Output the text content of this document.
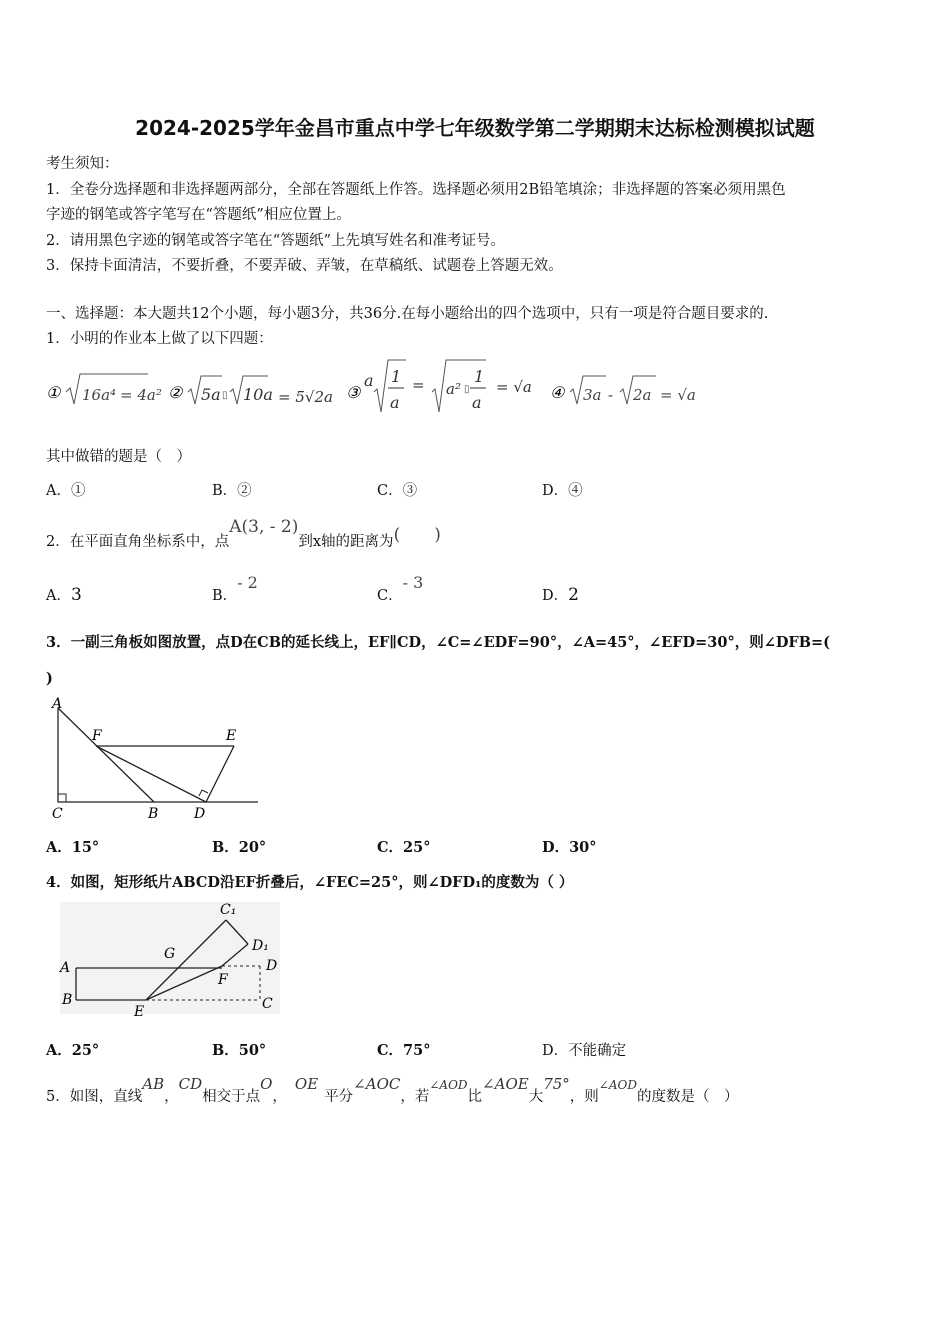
2024-2025学年金昌市重点中学七年级数学第二学期期末达标检测模拟试题
考生须知：
1．全卷分选择题和非选择题两部分，全部在答题纸上作答。选择题必须用2B铅笔填涂；非选择题的答案必须用黑色
字迹的钢笔或答字笔写在“答题纸”相应位置上。
2．请用黑色字迹的钢笔或答字笔在“答题纸”上先填写姓名和准考证号。
3．保持卡面清洁，不要折叠，不要弄破、弄皱，在草稿纸、试题卷上答题无效。
一、选择题：本大题共12个小题，每小题3分，共36分.在每小题给出的四个选项中，只有一项是符合题目要求的.
1．小明的作业本上做了以下四题：
① 16a⁴ = 4a² ② 5a ▯ 10a = 5√2a ③
a 1
a
= a² ▯
1
a
= √a ④ 3a - 2a = √a
其中做错的题是（　）
A．①	B．②	C．③	D．④
2．在平面直角坐标系中，点A(3, - 2)到x轴的距离为(　　)
A．3	B．- 2
C．- 3
D．2
3．一副三角板如图放置，点D在CB的延长线上，EF∥CD，∠C=∠EDF=90°，∠A=45°，∠EFD=30°，则∠DFB=(
)
A
F	E
C	B	D
A．15°	B．20°	C．25°	D．30°
4．如图，矩形纸片ABCD沿EF折叠后，∠FEC=25°，则∠DFD₁的度数为（ ）
A
B
E	C
D
F
G
C₁
D₁
A．25°	B．50°	C．75°	D．不能确定
5．如图，直线AB，CD相交于点O，OE平分∠AOC，若$^{\angle AOD}$比∠AOE大75°，则$^{\angle AOD}$的度数是（　）
